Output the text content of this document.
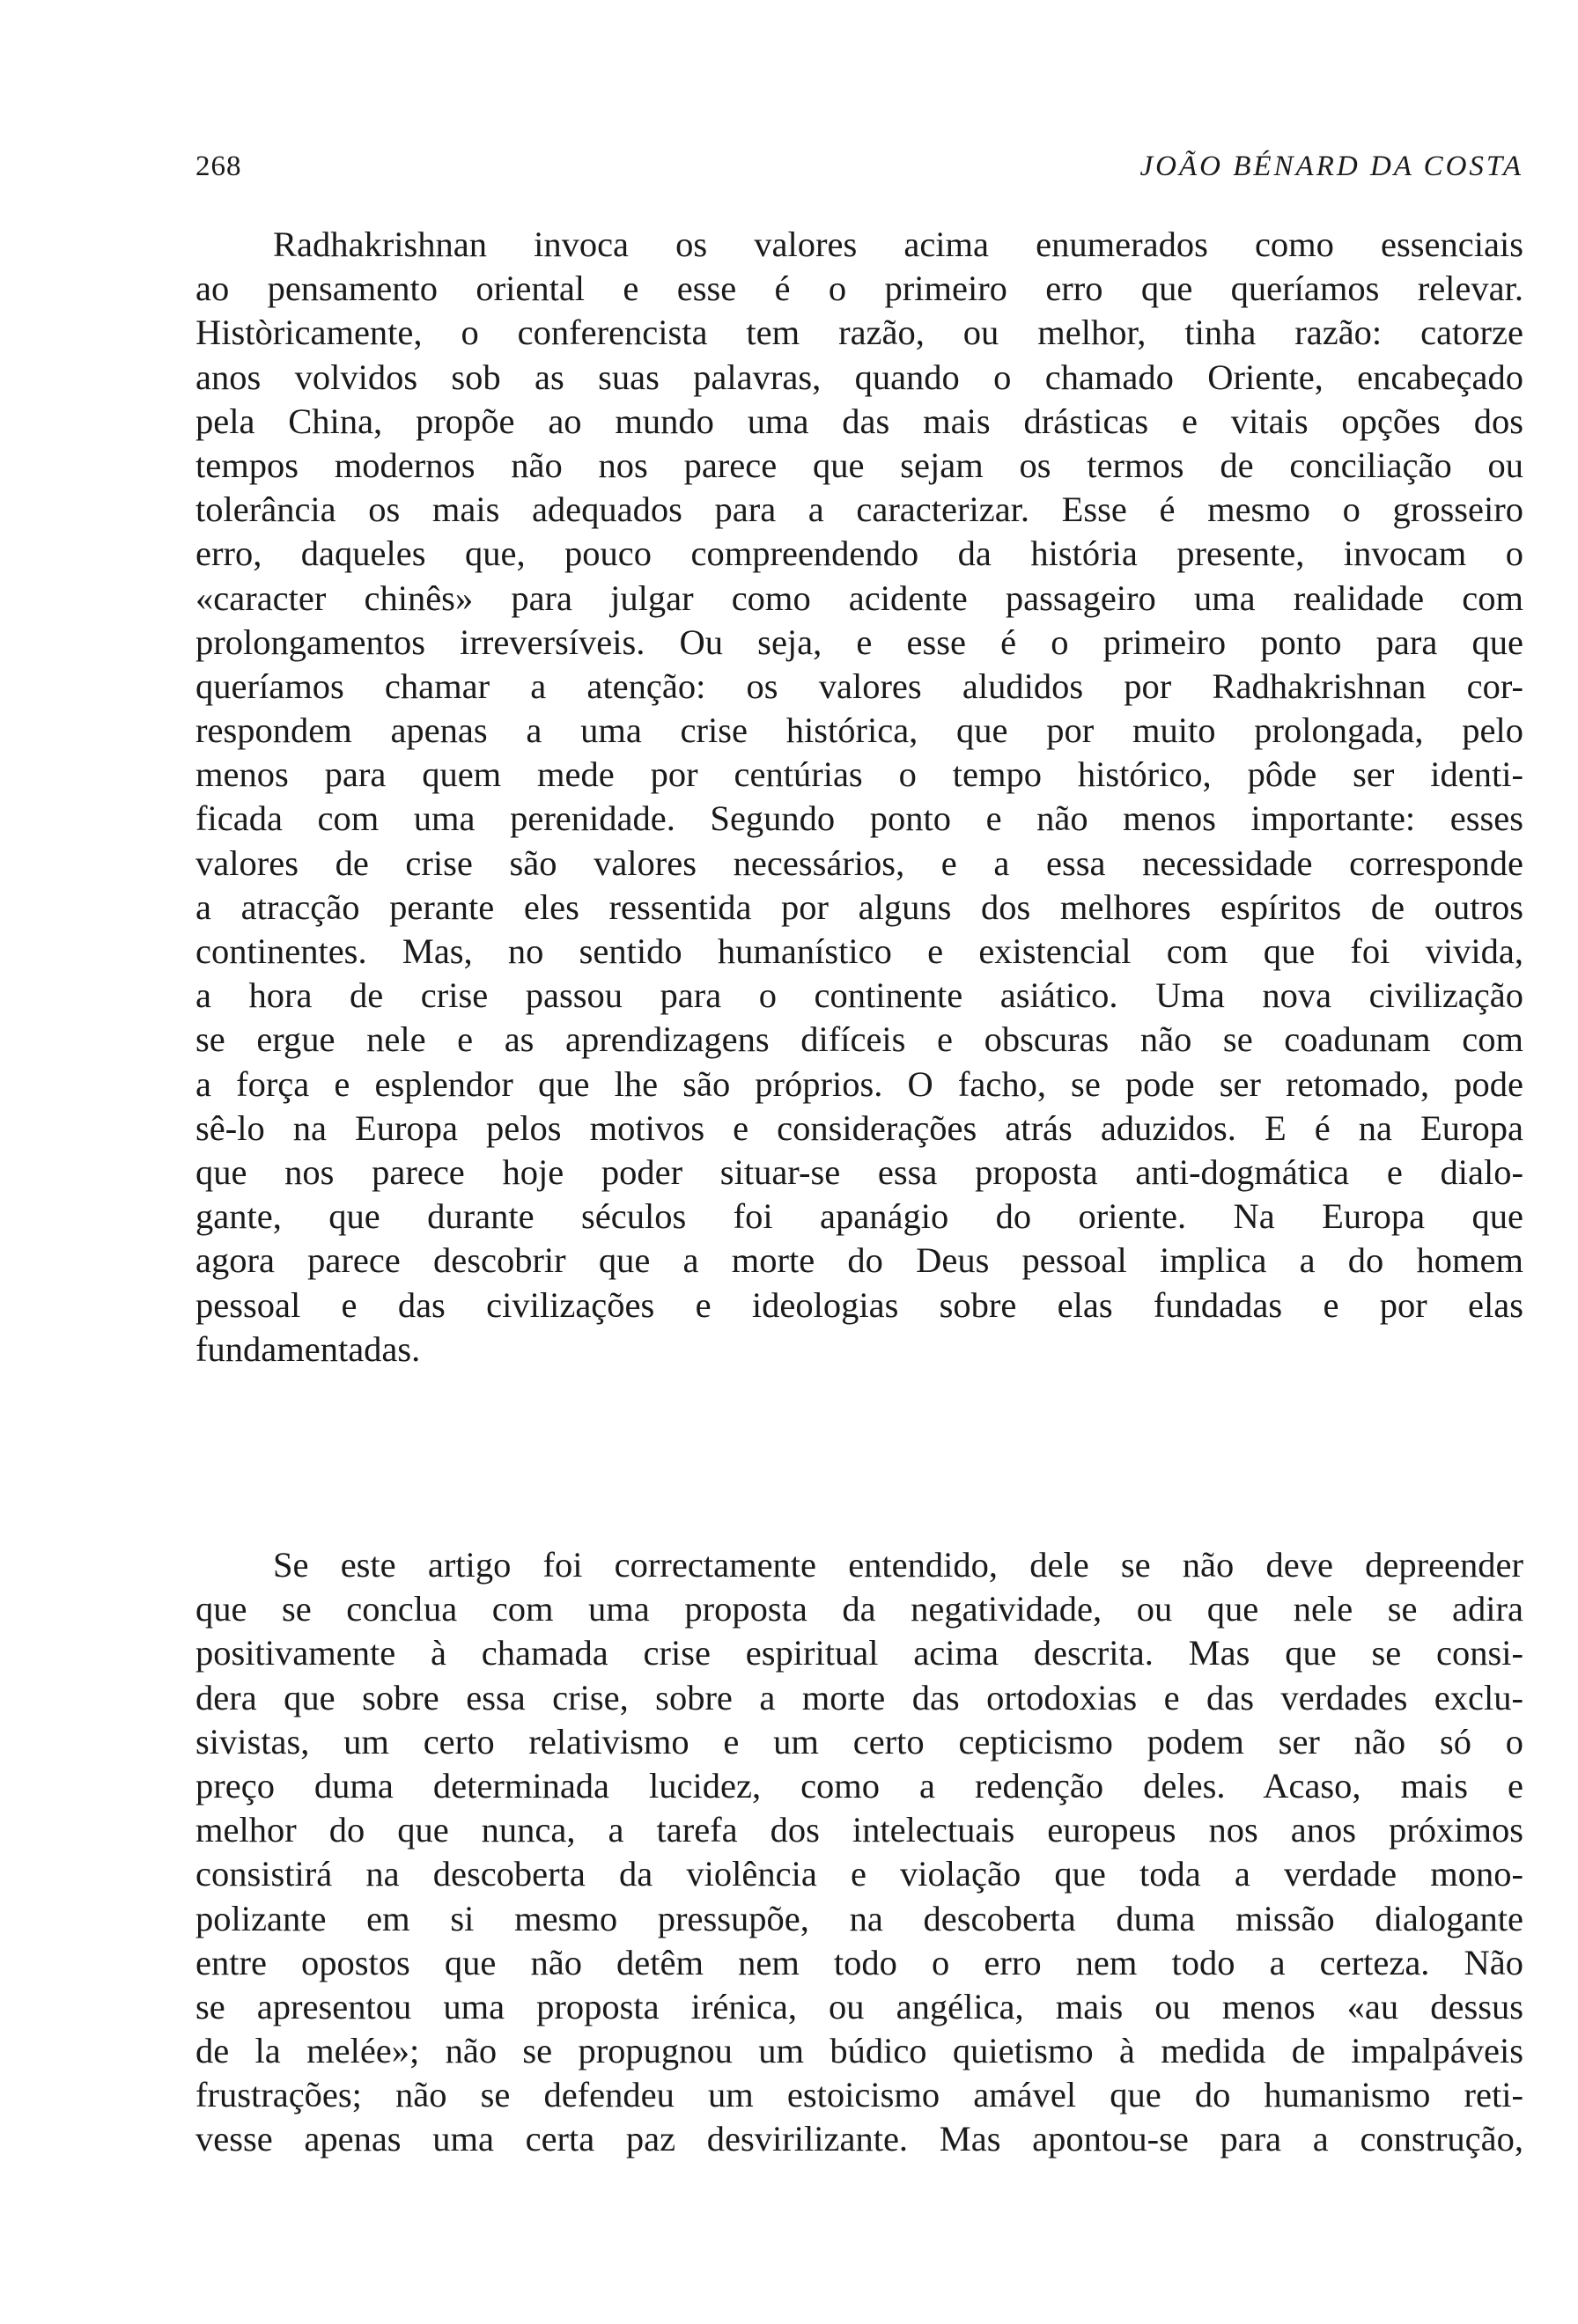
268	JOÃO BÉNARD DA COSTA

Radhakrishnan invoca os valores acima enumerados como essenciais
ao pensamento oriental e esse é o primeiro erro que queríamos relevar.
Històricamente, o conferencista tem razão, ou melhor, tinha razão: catorze
anos volvidos sob as suas palavras, quando o chamado Oriente, encabeçado
pela China, propõe ao mundo uma das mais drásticas e vitais opções dos
tempos modernos não nos parece que sejam os termos de conciliação ou
tolerância os mais adequados para a caracterizar. Esse é mesmo o grosseiro
erro, daqueles que, pouco compreendendo da história presente, invocam o
«caracter chinês» para julgar como acidente passageiro uma realidade com
prolongamentos irreversíveis. Ou seja, e esse é o primeiro ponto para que
queríamos chamar a atenção: os valores aludidos por Radhakrishnan cor-
respondem apenas a uma crise histórica, que por muito prolongada, pelo
menos para quem mede por centúrias o tempo histórico, pôde ser identi-
ficada com uma perenidade. Segundo ponto e não menos importante: esses
valores de crise são valores necessários, e a essa necessidade corresponde
a atracção perante eles ressentida por alguns dos melhores espíritos de outros
continentes. Mas, no sentido humanístico e existencial com que foi vivida,
a hora de crise passou para o continente asiático. Uma nova civilização
se ergue nele e as aprendizagens difíceis e obscuras não se coadunam com
a força e esplendor que lhe são próprios. O facho, se pode ser retomado, pode
sê-lo na Europa pelos motivos e considerações atrás aduzidos. E é na Europa
que nos parece hoje poder situar-se essa proposta anti-dogmática e dialo-
gante, que durante séculos foi apanágio do oriente. Na Europa que
agora parece descobrir que a morte do Deus pessoal implica a do homem
pessoal e das civilizações e ideologias sobre elas fundadas e por elas
fundamentadas.

Se este artigo foi correctamente entendido, dele se não deve depreender
que se conclua com uma proposta da negatividade, ou que nele se adira
positivamente à chamada crise espiritual acima descrita. Mas que se consi-
dera que sobre essa crise, sobre a morte das ortodoxias e das verdades exclu-
sivistas, um certo relativismo e um certo cepticismo podem ser não só o
preço duma determinada lucidez, como a redenção deles. Acaso, mais e
melhor do que nunca, a tarefa dos intelectuais europeus nos anos próximos
consistirá na descoberta da violência e violação que toda a verdade mono-
polizante em si mesmo pressupõe, na descoberta duma missão dialogante
entre opostos que não detêm nem todo o erro nem todo a certeza. Não
se apresentou uma proposta irénica, ou angélica, mais ou menos «au dessus
de la melée»; não se propugnou um búdico quietismo à medida de impalpáveis
frustrações; não se defendeu um estoicismo amável que do humanismo reti-
vesse apenas uma certa paz desvirilizante. Mas apontou-se para a construção,
